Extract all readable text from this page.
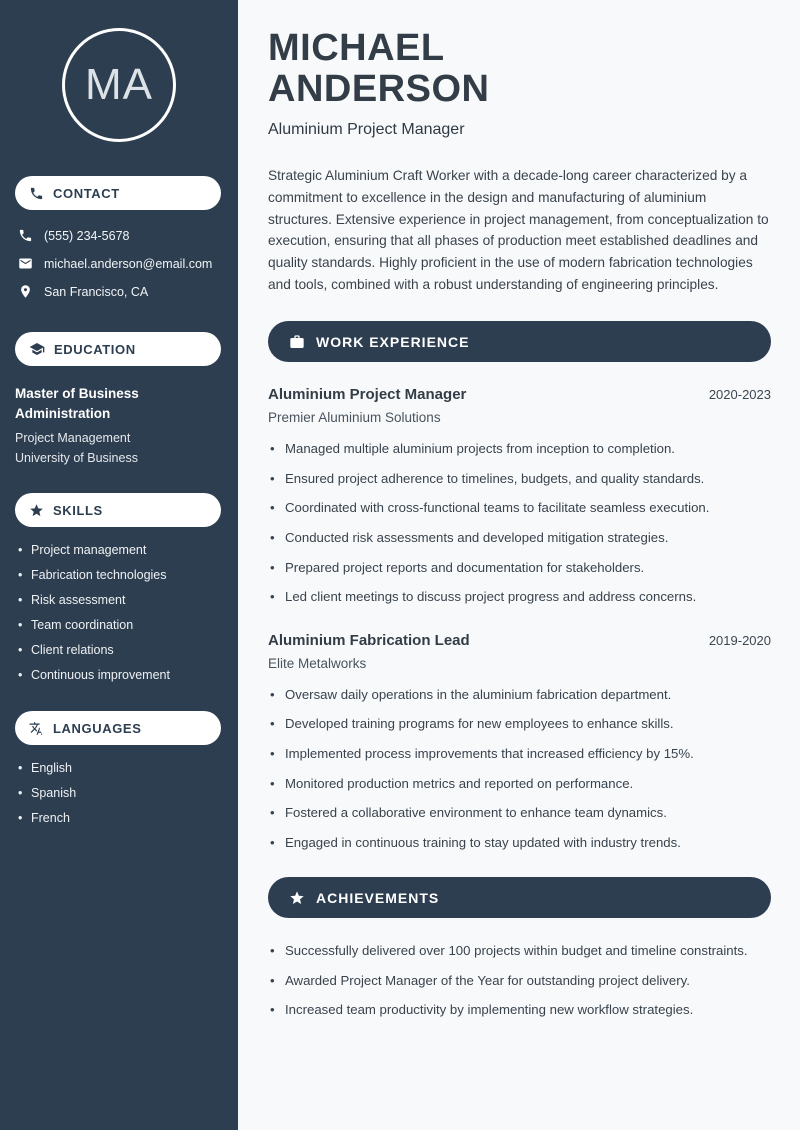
MA
CONTACT
(555) 234-5678
michael.anderson@email.com
San Francisco, CA
EDUCATION
Master of Business Administration
Project Management
University of Business
SKILLS
• Project management
• Fabrication technologies
• Risk assessment
• Team coordination
• Client relations
• Continuous improvement
LANGUAGES
• English
• Spanish
• French
MICHAEL
ANDERSON
Aluminium Project Manager

Strategic Aluminium Craft Worker with a decade-long career characterized by a commitment to excellence in the design and manufacturing of aluminium structures. Extensive experience in project management, from conceptualization to execution, ensuring that all phases of production meet established deadlines and quality standards. Highly proficient in the use of modern fabrication technologies and tools, combined with a robust understanding of engineering principles.

WORK EXPERIENCE
Aluminium Project Manager	2020-2023
Premier Aluminium Solutions
• Managed multiple aluminium projects from inception to completion.
• Ensured project adherence to timelines, budgets, and quality standards.
• Coordinated with cross-functional teams to facilitate seamless execution.
• Conducted risk assessments and developed mitigation strategies.
• Prepared project reports and documentation for stakeholders.
• Led client meetings to discuss project progress and address concerns.
Aluminium Fabrication Lead	2019-2020
Elite Metalworks
• Oversaw daily operations in the aluminium fabrication department.
• Developed training programs for new employees to enhance skills.
• Implemented process improvements that increased efficiency by 15%.
• Monitored production metrics and reported on performance.
• Fostered a collaborative environment to enhance team dynamics.
• Engaged in continuous training to stay updated with industry trends.
ACHIEVEMENTS
• Successfully delivered over 100 projects within budget and timeline constraints.
• Awarded Project Manager of the Year for outstanding project delivery.
• Increased team productivity by implementing new workflow strategies.
